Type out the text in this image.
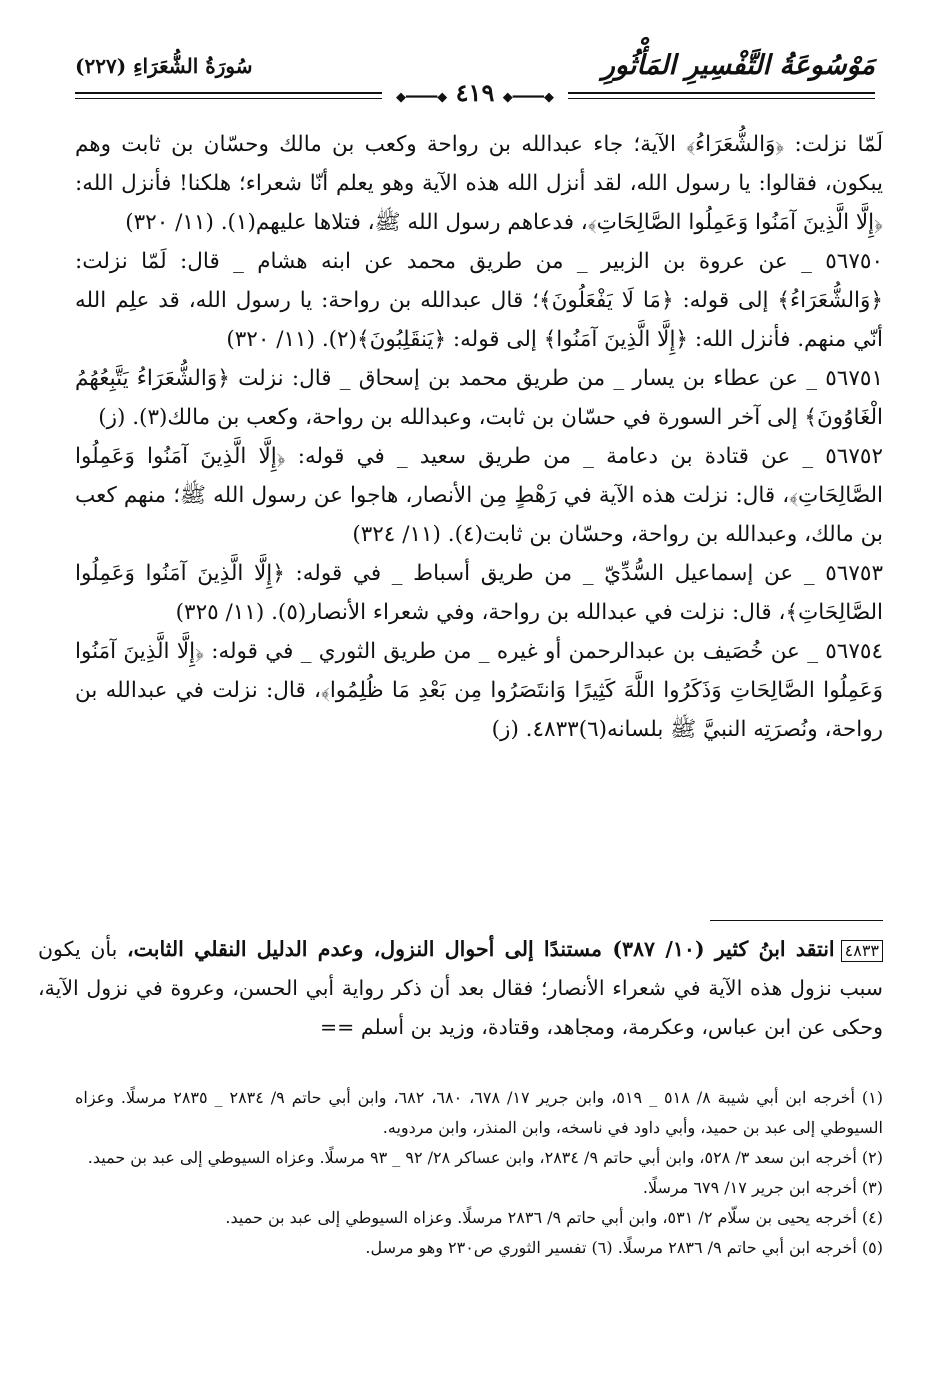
سُورَةُ الشُّعَرَاءِ (٢٢٧)	مَوْسُوعَةُ التَّفْسِيرِ المَأْثُورِ
◆━━━━◆ ٤١٩ ◆━━━━◆

لَمّا نزلت: ﴿وَالشُّعَرَاءُ﴾ الآية؛ جاء عبدالله بن رواحة وكعب بن مالك وحسّان بن ثابت وهم يبكون، فقالوا: يا رسول الله، لقد أنزل الله هذه الآية وهو يعلم أنّا شعراء؛ هلكنا! فأنزل الله: ﴿إِلَّا الَّذِينَ آمَنُوا وَعَمِلُوا الصَّالِحَاتِ﴾، فدعاهم رسول الله ﷺ، فتلاها عليهم(١). (١١/ ٣٢٠)

٥٦٧٥٠ _ عن عروة بن الزبير _ من طريق محمد عن ابنه هشام _ قال: لَمّا نزلت: ﴿وَالشُّعَرَاءُ﴾ إلى قوله: ﴿مَا لَا يَفْعَلُونَ﴾؛ قال عبدالله بن رواحة: يا رسول الله، قد علِم الله أنّي منهم. فأنزل الله: ﴿إِلَّا الَّذِينَ آمَنُوا﴾ إلى قوله: ﴿يَنقَلِبُونَ﴾(٢). (١١/ ٣٢٠)

٥٦٧٥١ _ عن عطاء بن يسار _ من طريق محمد بن إسحاق _ قال: نزلت ﴿وَالشُّعَرَاءُ يَتَّبِعُهُمُ الْغَاوُونَ﴾ إلى آخر السورة في حسّان بن ثابت، وعبدالله بن رواحة، وكعب بن مالك(٣). (ز)

٥٦٧٥٢ _ عن قتادة بن دعامة _ من طريق سعيد _ في قوله: ﴿إِلَّا الَّذِينَ آمَنُوا وَعَمِلُوا الصَّالِحَاتِ﴾، قال: نزلت هذه الآية في رَهْطٍ مِن الأنصار، هاجوا عن رسول الله ﷺ؛ منهم كعب بن مالك، وعبدالله بن رواحة، وحسّان بن ثابت(٤). (١١/ ٣٢٤)

٥٦٧٥٣ _ عن إسماعيل السُّدِّيّ _ من طريق أسباط _ في قوله: ﴿إِلَّا الَّذِينَ آمَنُوا وَعَمِلُوا الصَّالِحَاتِ﴾، قال: نزلت في عبدالله بن رواحة، وفي شعراء الأنصار(٥). (١١/ ٣٢٥)

٥٦٧٥٤ _ عن خُصَيف بن عبدالرحمن أو غيره _ من طريق الثوري _ في قوله: ﴿إِلَّا الَّذِينَ آمَنُوا وَعَمِلُوا الصَّالِحَاتِ وَذَكَرُوا اللَّهَ كَثِيرًا وَانتَصَرُوا مِن بَعْدِ مَا ظُلِمُوا﴾، قال: نزلت في عبدالله بن رواحة، ونُصرَتِه النبيَّ ﷺ بلسانه(٦)٤٨٣٣. (ز)

٤٨٣٣انتقد ابنُ كثير (١٠/ ٣٨٧) مستندًا إلى أحوال النزول، وعدم الدليل النقلي الثابت، بأن يكون سبب نزول هذه الآية في شعراء الأنصار؛ فقال بعد أن ذكر رواية أبي الحسن، وعروة في نزول الآية، وحكى عن ابن عباس، وعكرمة، ومجاهد، وقتادة، وزيد بن أسلم ==

(١) أخرجه ابن أبي شيبة ٨/ ٥١٨ _ ٥١٩، وابن جرير ١٧/ ٦٧٨، ٦٨٠، ٦٨٢، وابن أبي حاتم ٩/ ٢٨٣٤ _ ٢٨٣٥ مرسلًا. وعزاه السيوطي إلى عبد بن حميد، وأبي داود في ناسخه، وابن المنذر، وابن مردويه.

(٢) أخرجه ابن سعد ٣/ ٥٢٨، وابن أبي حاتم ٩/ ٢٨٣٤، وابن عساكر ٢٨/ ٩٢ _ ٩٣ مرسلًا. وعزاه السيوطي إلى عبد بن حميد.

(٣) أخرجه ابن جرير ١٧/ ٦٧٩ مرسلًا.

(٤) أخرجه يحيى بن سلّام ٢/ ٥٣١، وابن أبي حاتم ٩/ ٢٨٣٦ مرسلًا. وعزاه السيوطي إلى عبد بن حميد.

(٥) أخرجه ابن أبي حاتم ٩/ ٢٨٣٦ مرسلًا. (٦) تفسير الثوري ص٢٣٠ وهو مرسل.
